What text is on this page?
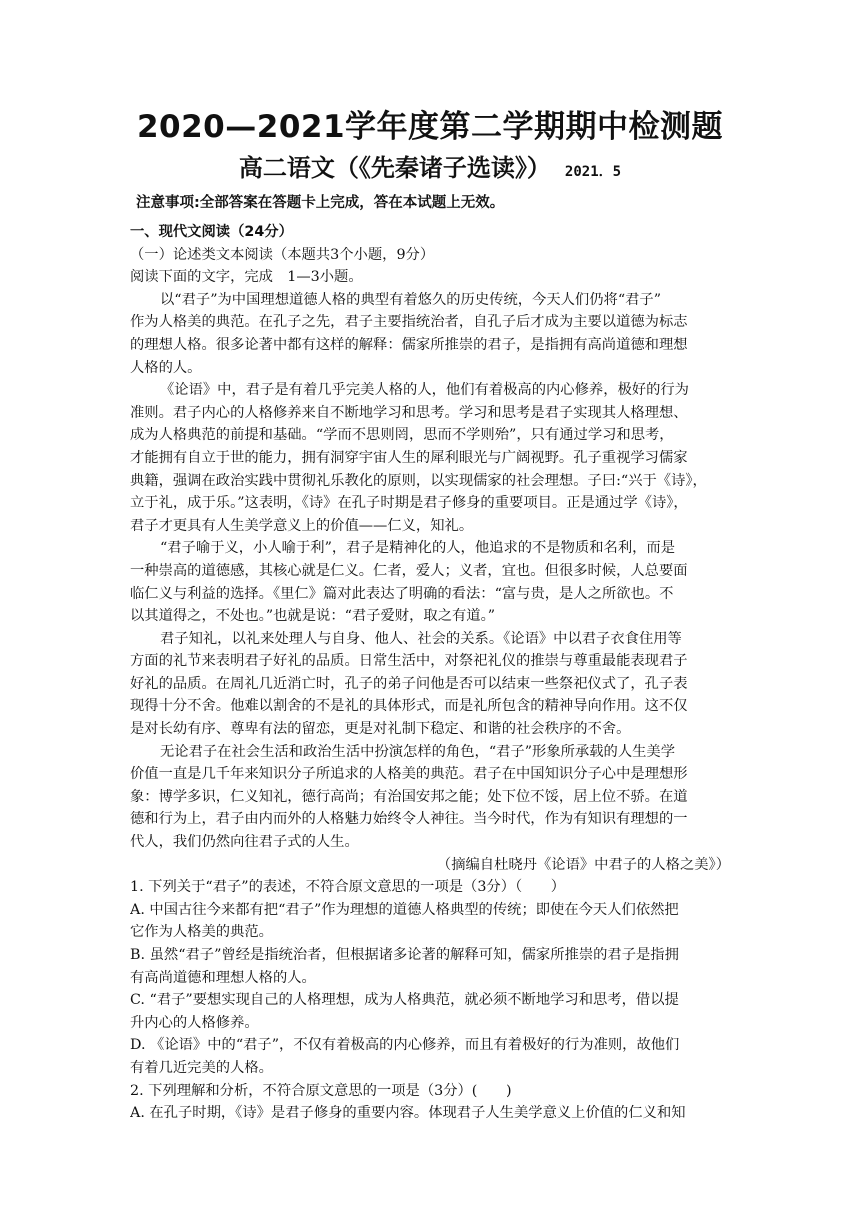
2020—2021学年度第二学期期中检测题
高二语文（《先秦诸子选读》） 2021．5
注意事项:全部答案在答题卡上完成，答在本试题上无效。
一、现代文阅读（24分）
（一）论述类文本阅读（本题共3个小题，9分）
阅读下面的文字，完成　1—3小题。
以“君子”为中国理想道德人格的典型有着悠久的历史传统，今天人们仍将“君子”
作为人格美的典范。在孔子之先，君子主要指统治者，自孔子后才成为主要以道德为标志
的理想人格。很多论著中都有这样的解释：儒家所推崇的君子，是指拥有高尚道德和理想
人格的人。
《论语》中，君子是有着几乎完美人格的人，他们有着极高的内心修养，极好的行为
准则。君子内心的人格修养来自不断地学习和思考。学习和思考是君子实现其人格理想、
成为人格典范的前提和基础。“学而不思则罔，思而不学则殆”，只有通过学习和思考，
才能拥有自立于世的能力，拥有洞穿宇宙人生的犀利眼光与广阔视野。孔子重视学习儒家
典籍，强调在政治实践中贯彻礼乐教化的原则，以实现儒家的社会理想。子曰:“兴于《诗》，
立于礼，成于乐。”这表明，《诗》在孔子时期是君子修身的重要项目。正是通过学《诗》，
君子才更具有人生美学意义上的价值——仁义，知礼。
“君子喻于义，小人喻于利”，君子是精神化的人，他追求的不是物质和名利，而是
一种崇高的道德感，其核心就是仁义。仁者，爱人；义者，宜也。但很多时候，人总要面
临仁义与利益的选择。《里仁》篇对此表达了明确的看法：“富与贵，是人之所欲也。不
以其道得之，不处也。”也就是说：“君子爱财，取之有道。”
君子知礼，以礼来处理人与自身、他人、社会的关系。《论语》中以君子衣食住用等
方面的礼节来表明君子好礼的品质。日常生活中，对祭祀礼仪的推崇与尊重最能表现君子
好礼的品质。在周礼几近消亡时，孔子的弟子问他是否可以结束一些祭祀仪式了，孔子表
现得十分不舍。他难以割舍的不是礼的具体形式，而是礼所包含的精神导向作用。这不仅
是对长幼有序、尊卑有法的留恋，更是对礼制下稳定、和谐的社会秩序的不舍。
无论君子在社会生活和政治生活中扮演怎样的角色，“君子”形象所承载的人生美学
价值一直是几千年来知识分子所追求的人格美的典范。君子在中国知识分子心中是理想形
象：博学多识，仁义知礼，德行高尚；有治国安邦之能；处下位不馁，居上位不骄。在道
德和行为上，君子由内而外的人格魅力始终令人神往。当今时代，作为有知识有理想的一
代人，我们仍然向往君子式的人生。
（摘编自杜晓丹《论语》中君子的人格之美》）
1. 下列关于“君子”的表述，不符合原文意思的一项是（3分）（　　）
A. 中国古往今来都有把“君子”作为理想的道德人格典型的传统；即使在今天人们依然把
它作为人格美的典范。
B. 虽然“君子”曾经是指统治者，但根据诸多论著的解释可知，儒家所推崇的君子是指拥
有高尚道德和理想人格的人。
C. “君子”要想实现自己的人格理想，成为人格典范，就必须不断地学习和思考，借以提
升内心的人格修养。
D. 《论语》中的“君子”，不仅有着极高的内心修养，而且有着极好的行为准则，故他们
有着几近完美的人格。
2. 下列理解和分析，不符合原文意思的一项是（3分）(　　)
A. 在孔子时期，《诗》是君子修身的重要内容。体现君子人生美学意义上价值的仁义和知
